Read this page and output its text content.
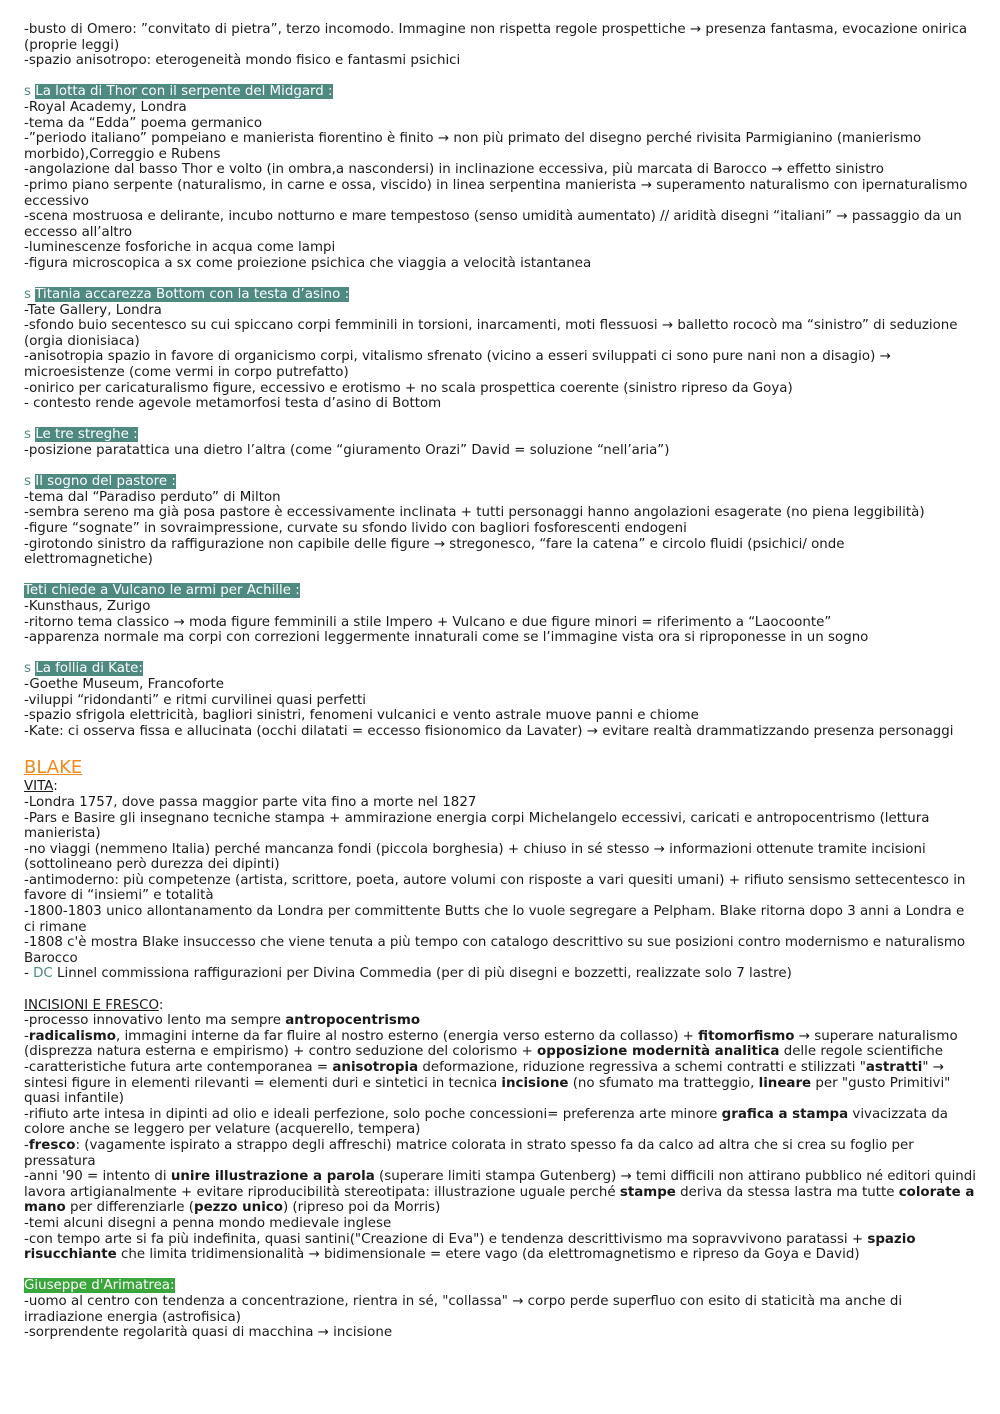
-busto di Omero: ”convitato di pietra”, terzo incomodo. Immagine non rispetta regole prospettiche → presenza fantasma, evocazione onirica (proprie leggi)

-spazio anisotropo: eterogeneità mondo fisico e fantasmi psichici

s La lotta di Thor con il serpente del Midgard :

-Royal Academy, Londra

-tema da “Edda” poema germanico

-”periodo italiano” pompeiano e manierista fiorentino è finito → non più primato del disegno perché rivisita Parmigianino (manierismo morbido),Correggio e Rubens

-angolazione dal basso Thor e volto (in ombra,a nascondersi) in inclinazione eccessiva, più marcata di Barocco → effetto sinistro

-primo piano serpente (naturalismo, in carne e ossa, viscido) in linea serpentina manierista → superamento naturalismo con ipernaturalismo eccessivo

-scena mostruosa e delirante, incubo notturno e mare tempestoso (senso umidità aumentato) // aridità disegni “italiani” → passaggio da un eccesso all’altro

-luminescenze fosforiche in acqua come lampi

-figura microscopica a sx come proiezione psichica che viaggia a velocità istantanea

s Titania accarezza Bottom con la testa d’asino :

-Tate Gallery, Londra

-sfondo buio secentesco su cui spiccano corpi femminili in torsioni, inarcamenti, moti flessuosi → balletto rococò ma “sinistro” di seduzione (orgia dionisiaca)

-anisotropia spazio in favore di organicismo corpi, vitalismo sfrenato (vicino a esseri sviluppati ci sono pure nani non a disagio) → microesistenze (come vermi in corpo putrefatto)

-onirico per caricaturalismo figure, eccessivo e erotismo + no scala prospettica coerente (sinistro ripreso da Goya)

- contesto rende agevole metamorfosi testa d’asino di Bottom

s Le tre streghe :

-posizione paratattica una dietro l’altra (come “giuramento Orazi” David = soluzione “nell’aria”)

s Il sogno del pastore :

-tema dal “Paradiso perduto” di Milton

-sembra sereno ma già posa pastore è eccessivamente inclinata + tutti personaggi hanno angolazioni esagerate (no piena leggibilità)

-figure “sognate” in sovraimpressione, curvate su sfondo livido con bagliori fosforescenti endogeni

-girotondo sinistro da raffigurazione non capibile delle figure → stregonesco, “fare la catena” e circolo fluidi (psichici/ onde elettromagnetiche)

Teti chiede a Vulcano le armi per Achille :

-Kunsthaus, Zurigo

-ritorno tema classico → moda figure femminili a stile Impero + Vulcano e due figure minori = riferimento a “Laocoonte”

-apparenza normale ma corpi con correzioni leggermente innaturali come se l’immagine vista ora si riproponesse in un sogno

s La follia di Kate:

-Goethe Museum, Francoforte

-viluppi “ridondanti” e ritmi curvilinei quasi perfetti

-spazio sfrigola elettricità, bagliori sinistri, fenomeni vulcanici e vento astrale muove panni e chiome

-Kate: ci osserva fissa e allucinata (occhi dilatati = eccesso fisionomico da Lavater) → evitare realtà drammatizzando presenza personaggi

BLAKE

VITA:

-Londra 1757, dove passa maggior parte vita fino a morte nel 1827

-Pars e Basire gli insegnano tecniche stampa + ammirazione energia corpi Michelangelo eccessivi, caricati e antropocentrismo (lettura manierista)

-no viaggi (nemmeno Italia) perché mancanza fondi (piccola borghesia) + chiuso in sé stesso → informazioni ottenute tramite incisioni (sottolineano però durezza dei dipinti)

-antimoderno: più competenze (artista, scrittore, poeta, autore volumi con risposte a vari quesiti umani) + rifiuto sensismo settecentesco in favore di “insiemi” e totalità

-1800-1803 unico allontanamento da Londra per committente Butts che lo vuole segregare a Pelpham. Blake ritorna dopo 3 anni a Londra e ci rimane

-1808 c'è mostra Blake insuccesso che viene tenuta a più tempo con catalogo descrittivo su sue posizioni contro modernismo e naturalismo Barocco

- DC Linnel commissiona raffigurazioni per Divina Commedia (per di più disegni e bozzetti, realizzate solo 7 lastre)

INCISIONI E FRESCO:

-processo innovativo lento ma sempre antropocentrismo

-radicalismo, immagini interne da far fluire al nostro esterno (energia verso esterno da collasso) + fitomorfismo → superare naturalismo (disprezza natura esterna e empirismo) + contro seduzione del colorismo + opposizione modernità analitica delle regole scientifiche

-caratteristiche futura arte contemporanea = anisotropia deformazione, riduzione regressiva a schemi contratti e stilizzati "astratti" → sintesi figure in elementi rilevanti = elementi duri e sintetici in tecnica incisione (no sfumato ma tratteggio, lineare per "gusto Primitivi" quasi infantile)

-rifiuto arte intesa in dipinti ad olio e ideali perfezione, solo poche concessioni= preferenza arte minore grafica a stampa vivacizzata da colore anche se leggero per velature (acquerello, tempera)

-fresco: (vagamente ispirato a strappo degli affreschi) matrice colorata in strato spesso fa da calco ad altra che si crea su foglio per pressatura

-anni '90 = intento di unire illustrazione a parola (superare limiti stampa Gutenberg) → temi difficili non attirano pubblico né editori quindi lavora artigianalmente + evitare riproducibilità stereotipata: illustrazione uguale perché stampe deriva da stessa lastra ma tutte colorate a mano per differenziarle (pezzo unico) (ripreso poi da Morris)

-temi alcuni disegni a penna mondo medievale inglese

-con tempo arte si fa più indefinita, quasi santini("Creazione di Eva") e tendenza descrittivismo ma sopravvivono paratassi + spazio risucchiante che limita tridimensionalità → bidimensionale = etere vago (da elettromagnetismo e ripreso da Goya e David)

Giuseppe d'Arimatrea:

-uomo al centro con tendenza a concentrazione, rientra in sé, "collassa" → corpo perde superfluo con esito di staticità ma anche di irradiazione energia (astrofisica)

-sorprendente regolarità quasi di macchina → incisione
